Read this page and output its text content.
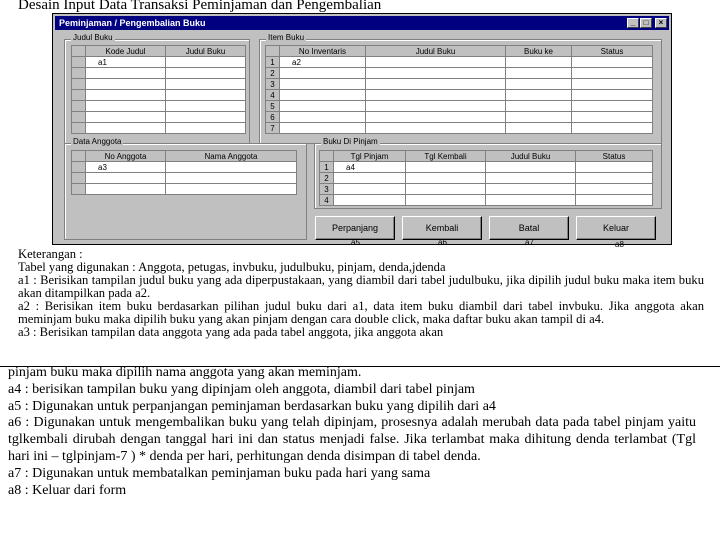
Desain Input Data Transaksi Peminjaman dan Pengembalian
Peminjaman / Pengembalian Buku	_	□	×
Judul Buku
	Kode Judul	Judul Buku
	a1	

Item Buku
	No Inventaris	Judul Buku	Buku ke	Status
1	a2			
2				
3				
4				
5				
6				
7				
Data Anggota
	No Anggota	Nama Anggota
	a3	

Buku Di Pinjam
	Tgl Pinjam	Tgl Kembali	Judul Buku	Status
1	a4			
2				
3				
4				
Perpanjang	Kembali	Batal	Keluar
a5	a6	a7	a8

Keterangan :

Tabel yang digunakan : Anggota, petugas, invbuku, judulbuku, pinjam, denda,jdenda

a1 : Berisikan tampilan judul buku yang ada diperpustakaan, yang diambil dari tabel judulbuku, jika dipilih judul buku maka item buku akan ditampilkan pada a2.

a2 : Berisikan item buku berdasarkan pilihan judul buku dari a1, data item buku diambil dari tabel invbuku. Jika anggota akan meminjam buku maka dipilih buku yang akan pinjam dengan cara double click, maka daftar buku akan tampil di a4.

a3 : Berisikan tampilan data anggota yang ada pada tabel anggota, jika anggota akan

pinjam buku maka dipilih nama anggota yang akan meminjam.

a4 : berisikan tampilan buku yang dipinjam oleh anggota, diambil dari tabel pinjam

a5 : Digunakan untuk perpanjangan peminjaman berdasarkan buku yang dipilih dari a4

a6 : Digunakan untuk mengembalikan buku yang telah dipinjam, prosesnya adalah merubah data pada tabel pinjam yaitu tglkembali dirubah dengan tanggal hari ini dan status menjadi false. Jika terlambat maka dihitung denda terlambat (Tgl hari ini – tglpinjam-7 ) * denda per hari, perhitungan denda disimpan di tabel denda.

a7 : Digunakan untuk membatalkan peminjaman buku pada hari yang sama

a8 : Keluar dari form
